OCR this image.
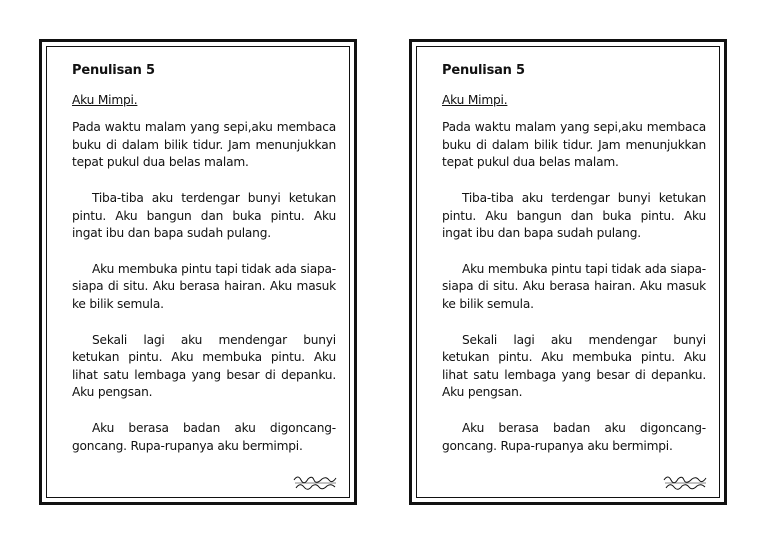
Penulisan 5
Aku Mimpi.

Pada waktu malam yang sepi,aku membaca buku di dalam bilik tidur. Jam menunjukkan tepat pukul dua belas malam.

Tiba-tiba aku terdengar bunyi ketukan pintu. Aku bangun dan buka pintu. Aku ingat ibu dan bapa sudah pulang.

Aku membuka pintu tapi tidak ada siapa-siapa di situ. Aku berasa hairan. Aku masuk ke bilik semula.

Sekali lagi aku mendengar bunyi ketukan pintu. Aku membuka pintu. Aku lihat satu lembaga yang besar di depanku. Aku pengsan.

Aku berasa badan aku digoncang-goncang. Rupa-rupanya aku bermimpi.

Penulisan 5
Aku Mimpi.

Pada waktu malam yang sepi,aku membaca buku di dalam bilik tidur. Jam menunjukkan tepat pukul dua belas malam.

Tiba-tiba aku terdengar bunyi ketukan pintu. Aku bangun dan buka pintu. Aku ingat ibu dan bapa sudah pulang.

Aku membuka pintu tapi tidak ada siapa-siapa di situ. Aku berasa hairan. Aku masuk ke bilik semula.

Sekali lagi aku mendengar bunyi ketukan pintu. Aku membuka pintu. Aku lihat satu lembaga yang besar di depanku. Aku pengsan.

Aku berasa badan aku digoncang-goncang. Rupa-rupanya aku bermimpi.
